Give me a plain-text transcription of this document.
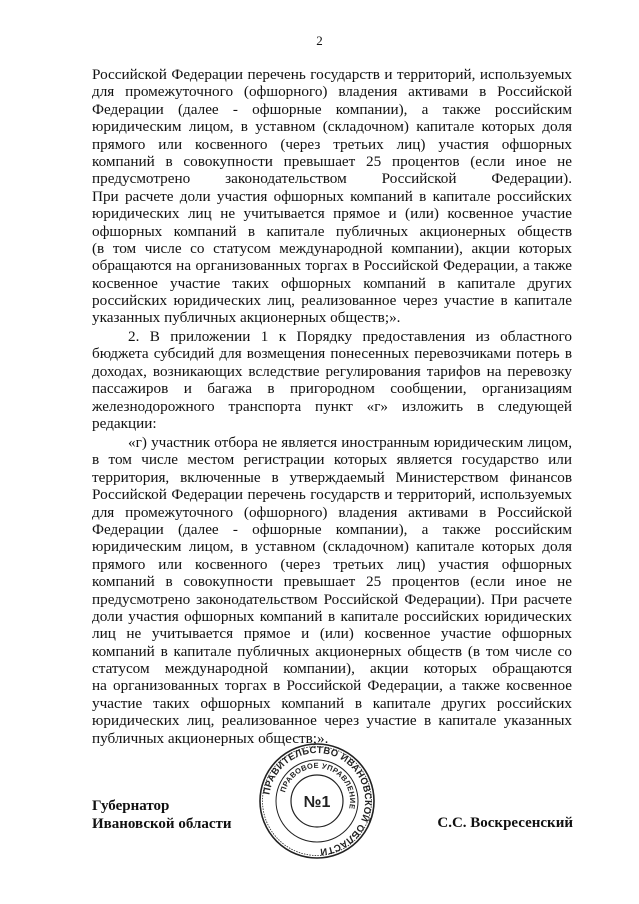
2
Российской Федерации перечень государств и территорий, используемых
для промежуточного (офшорного) владения активами в Российской
Федерации (далее - офшорные компании), а также российским
юридическим лицом, в уставном (складочном) капитале которых доля
прямого или косвенного (через третьих лиц) участия офшорных
компаний в совокупности превышает 25 процентов (если иное не
предусмотрено законодательством Российской Федерации).
При расчете доли участия офшорных компаний в капитале российских
юридических лиц не учитывается прямое и (или) косвенное участие
офшорных компаний в капитале публичных акционерных обществ
(в том числе со статусом международной компании), акции которых
обращаются на организованных торгах в Российской Федерации, а также
косвенное участие таких офшорных компаний в капитале других
российских юридических лиц, реализованное через участие в капитале
указанных публичных акционерных обществ;».
2. В приложении 1 к Порядку предоставления из областного
бюджета субсидий для возмещения понесенных перевозчиками потерь в
доходах, возникающих вследствие регулирования тарифов на перевозку
пассажиров и багажа в пригородном сообщении, организациям
железнодорожного транспорта пункт «г» изложить в следующей
редакции:
«г) участник отбора не является иностранным юридическим лицом,
в том числе местом регистрации которых является государство или
территория, включенные в утверждаемый Министерством финансов
Российской Федерации перечень государств и территорий, используемых
для промежуточного (офшорного) владения активами в Российской
Федерации (далее - офшорные компании), а также российским
юридическим лицом, в уставном (складочном) капитале которых доля
прямого или косвенного (через третьих лиц) участия офшорных
компаний в совокупности превышает 25 процентов (если иное не
предусмотрено законодательством Российской Федерации). При расчете
доли участия офшорных компаний в капитале российских юридических
лиц не учитывается прямое и (или) косвенное участие офшорных
компаний в капитале публичных акционерных обществ (в том числе со
статусом международной компании), акции которых обращаются
на организованных торгах в Российской Федерации, а также косвенное
участие таких офшорных компаний в капитале других российских
юридических лиц, реализованное через участие в капитале указанных
публичных акционерных обществ;».
Губернатор
Ивановской области
ПРАВИТЕЛЬСТВО ИВАНОВСКОЙ ОБЛАСТИ
ПРАВОВОЕ УПРАВЛЕНИЕ
№1
С.С. Воскресенский
